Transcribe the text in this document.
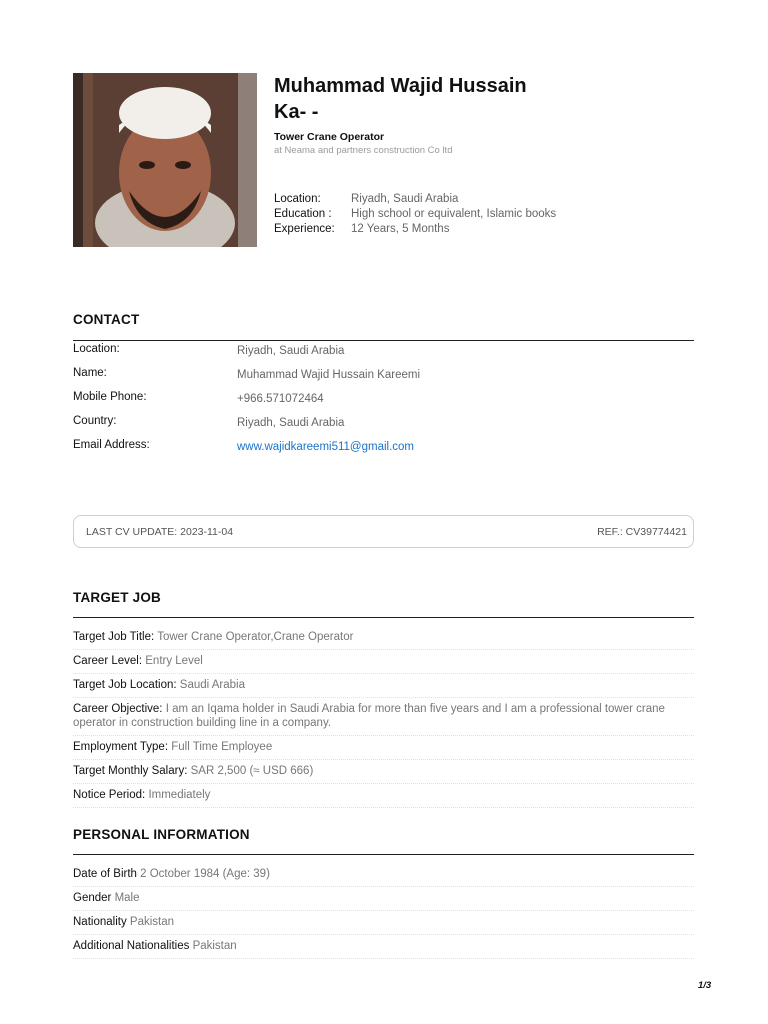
Muhammad Wajid Hussain
Ka- -
Tower Crane Operator
at Neama and partners construction Co ltd
Location:	Riyadh, Saudi Arabia
Education :	High school or equivalent, Islamic books
Experience:	12 Years, 5 Months
CONTACT
Location:	Riyadh, Saudi Arabia
Name:	Muhammad Wajid Hussain Kareemi
Mobile Phone:	+966.571072464
Country:	Riyadh, Saudi Arabia
Email Address:	www.wajidkareemi511@gmail.com
LAST CV UPDATE: 2023-11-04	REF.: CV39774421
TARGET JOB
Target Job Title: Tower Crane Operator,Crane Operator
Career Level: Entry Level
Target Job Location: Saudi Arabia
Career Objective: I am an Iqama holder in Saudi Arabia for more than five years and I am a professional tower crane operator in construction building line in a company.
Employment Type: Full Time Employee
Target Monthly Salary: SAR 2,500 (≈ USD 666)
Notice Period: Immediately
PERSONAL INFORMATION
Date of Birth 2 October 1984 (Age: 39)
Gender Male
Nationality Pakistan
Additional Nationalities Pakistan
1/3
